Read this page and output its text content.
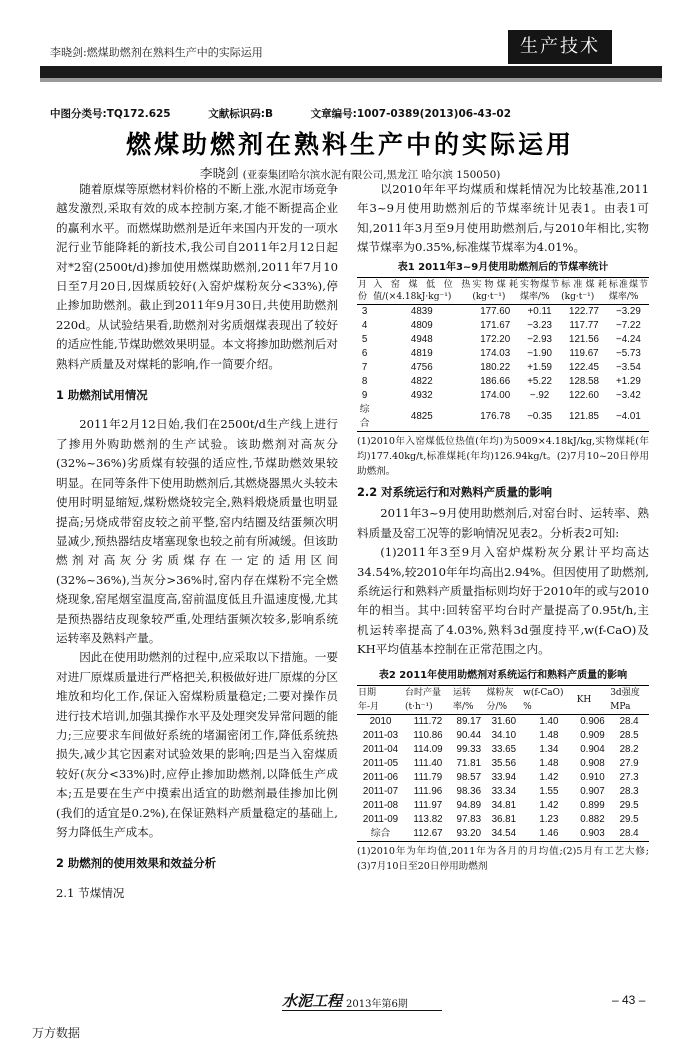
李晓剑:燃煤助燃剂在熟料生产中的实际运用	生产技术
中图分类号:TQ172.625	文献标识码:B	文章编号:1007-0389(2013)06-43-02
燃煤助燃剂在熟料生产中的实际运用
李晓剑 (亚泰集团哈尔滨水泥有限公司,黑龙江 哈尔滨 150050)

随着原煤等原燃材料价格的不断上涨,水泥市场竞争越发激烈,采取有效的成本控制方案,才能不断提高企业的赢利水平。而燃煤助燃剂是近年来国内开发的一项水泥行业节能降耗的新技术,我公司自2011年2月12日起对*2窑(2500t/d)掺加使用燃煤助燃剂,2011年7月10日至7月20日,因煤质较好(入窑炉煤粉灰分<33%),停止掺加助燃剂。截止到2011年9月30日,共使用助燃剂220d。从试验结果看,助燃剂对劣质烟煤表现出了较好的适应性能,节煤助燃效果明显。本文将掺加助燃剂后对熟料产质量及对煤耗的影响,作一简要介绍。

1 助燃剂试用情况

2011年2月12日始,我们在2500t/d生产线上进行了掺用外购助燃剂的生产试验。该助燃剂对高灰分(32%~36%)劣质煤有较强的适应性,节煤助燃效果较明显。在同等条件下使用助燃剂后,其燃烧器黑火头较未使用时明显缩短,煤粉燃烧较完全,熟料煅烧质量也明显提高;另烧成带窑皮较之前平整,窑内结圈及结蛋频次明显减少,预热器结皮堵塞现象也较之前有所减缓。但该助燃剂对高灰分劣质煤存在一定的适用区间(32%~36%),当灰分>36%时,窑内存在煤粉不完全燃烧现象,窑尾烟室温度高,窑前温度低且升温速度慢,尤其是预热器结皮现象较严重,处理结蛋频次较多,影响系统运转率及熟料产量。

因此在使用助燃剂的过程中,应采取以下措施。一要对进厂原煤质量进行严格把关,积极做好进厂原煤的分区堆放和均化工作,保证入窑煤粉质量稳定;二要对操作员进行技术培训,加强其操作水平及处理突发异常问题的能力;三应要求车间做好系统的堵漏密闭工作,降低系统热损失,减少其它因素对试验效果的影响;四是当入窑煤质较好(灰分<33%)时,应停止掺加助燃剂,以降低生产成本;五是要在生产中摸索出适宜的助燃剂最佳掺加比例(我们的适宜是0.2%),在保证熟料产质量稳定的基础上,努力降低生产成本。

2 助燃剂的使用效果和效益分析

2.1 节煤情况

以2010年年平均煤质和煤耗情况为比较基准,2011年3~9月使用助燃剂后的节煤率统计见表1。由表1可知,2011年3月至9月使用助燃剂后,与2010年相比,实物煤节煤率为0.35%,标准煤节煤率为4.01%。

表1 2011年3~9月使用助燃剂后的节煤率统计

月份	入窑煤低位热值/(×4.18kJ·kg⁻¹)	实物煤耗(kg·t⁻¹)	实物煤节煤率/%	标准煤耗(kg·t⁻¹)	标准煤节煤率/%
3	4839	177.60	+0.11	122.77	−3.29
4	4809	171.67	−3.23	117.77	−7.22
5	4948	172.20	−2.93	121.56	−4.24
6	4819	174.03	−1.90	119.67	−5.73
7	4756	180.22	+1.59	122.45	−3.54
8	4822	186.66	+5.22	128.58	+1.29
9	4932	174.00	−.92	122.60	−3.42
综合	4825	176.78	−0.35	121.85	−4.01

(1)2010年入窑煤低位热值(年均)为5009×4.18kJ/kg,实物煤耗(年均)177.40kg/t,标准煤耗(年均)126.94kg/t。(2)7月10~20日停用助燃剂。

2.2 对系统运行和对熟料产质量的影响

2011年3~9月使用助燃剂后,对窑台时、运转率、熟料质量及窑工况等的影响情况见表2。分析表2可知:

(1)2011年3至9月入窑炉煤粉灰分累计平均高达34.54%,较2010年年均高出2.94%。但因使用了助燃剂,系统运行和熟料产质量指标则均好于2010年的或与2010年的相当。其中:回转窑平均台时产量提高了0.95t/h,主机运转率提高了4.03%,熟料3d强度持平,w(f-CaO)及KH平均值基本控制在正常范围之内。

表2 2011年使用助燃剂对系统运行和熟料产质量的影响

日期	台时产量	运转	煤粉灰	w(f-CaO)	KH	3d强度
年-月	(t·h⁻¹)	率/%	分/%	%		MPa
2010	111.72	89.17	31.60	1.40	0.906	28.4
2011-03	110.86	90.44	34.10	1.48	0.909	28.5
2011-04	114.09	99.33	33.65	1.34	0.904	28.2
2011-05	111.40	71.81	35.56	1.48	0.908	27.9
2011-06	111.79	98.57	33.94	1.42	0.910	27.3
2011-07	111.96	98.36	33.34	1.55	0.907	28.3
2011-08	111.97	94.89	34.81	1.42	0.899	29.5
2011-09	113.82	97.83	36.81	1.23	0.882	29.5
综合	112.67	93.20	34.54	1.46	0.903	28.4

(1)2010年为年均值,2011年为各月的月均值;(2)5月有工艺大修;(3)7月10日至20日停用助燃剂

水泥工程 2013年第6期	– 43 –
万方数据
